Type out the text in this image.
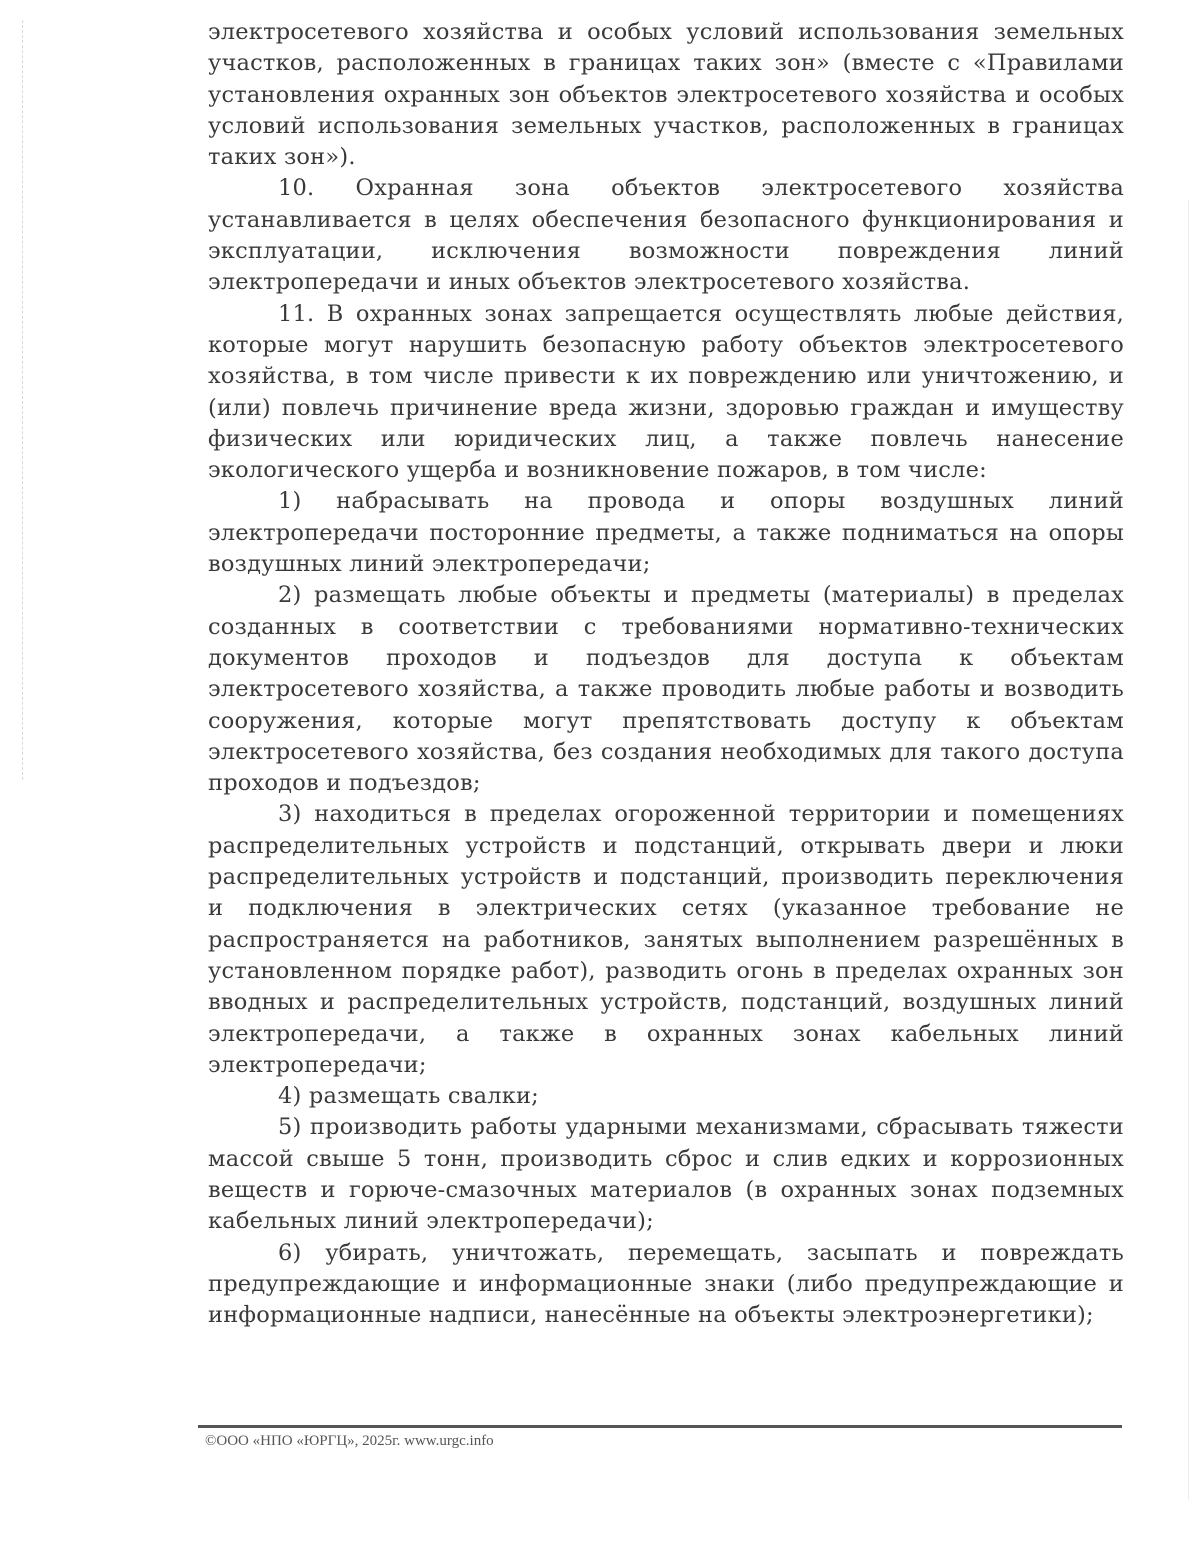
электросетевого хозяйства и особых условий использования земельных участков, расположенных в границах таких зон» (вместе с «Правилами установления охранных зон объектов электросетевого хозяйства и особых условий использования земельных участков, расположенных в границах таких зон»).

10. Охранная зона объектов электросетевого хозяйства устанавливается в целях обеспечения безопасного функционирования и эксплуатации, исключения возможности повреждения линий электропередачи и иных объектов электросетевого хозяйства.

11. В охранных зонах запрещается осуществлять любые действия, которые могут нарушить безопасную работу объектов электросетевого хозяйства, в том числе привести к их повреждению или уничтожению, и (или) повлечь причинение вреда жизни, здоровью граждан и имуществу физических или юридических лиц, а также повлечь нанесение экологического ущерба и возникновение пожаров, в том числе:

1) набрасывать на провода и опоры воздушных линий электропередачи посторонние предметы, а также подниматься на опоры воздушных линий электропередачи;

2) размещать любые объекты и предметы (материалы) в пределах созданных в соответствии с требованиями нормативно-технических документов проходов и подъездов для доступа к объектам электросетевого хозяйства, а также проводить любые работы и возводить сооружения, которые могут препятствовать доступу к объектам электросетевого хозяйства, без создания необходимых для такого доступа проходов и подъездов;

3) находиться в пределах огороженной территории и помещениях распределительных устройств и подстанций, открывать двери и люки распределительных устройств и подстанций, производить переключения и подключения в электрических сетях (указанное требование не распространяется на работников, занятых выполнением разрешённых в установленном порядке работ), разводить огонь в пределах охранных зон вводных и распределительных устройств, подстанций, воздушных линий электропередачи, а также в охранных зонах кабельных линий электропередачи;

4) размещать свалки;

5) производить работы ударными механизмами, сбрасывать тяжести массой свыше 5 тонн, производить сброс и слив едких и коррозионных веществ и горюче-смазочных материалов (в охранных зонах подземных кабельных линий электропередачи);

6) убирать, уничтожать, перемещать, засыпать и повреждать предупреждающие и информационные знаки (либо предупреждающие и информационные надписи, нанесённые на объекты электроэнергетики);

©ООО «НПО «ЮРГЦ», 2025г. www.urgc.info
